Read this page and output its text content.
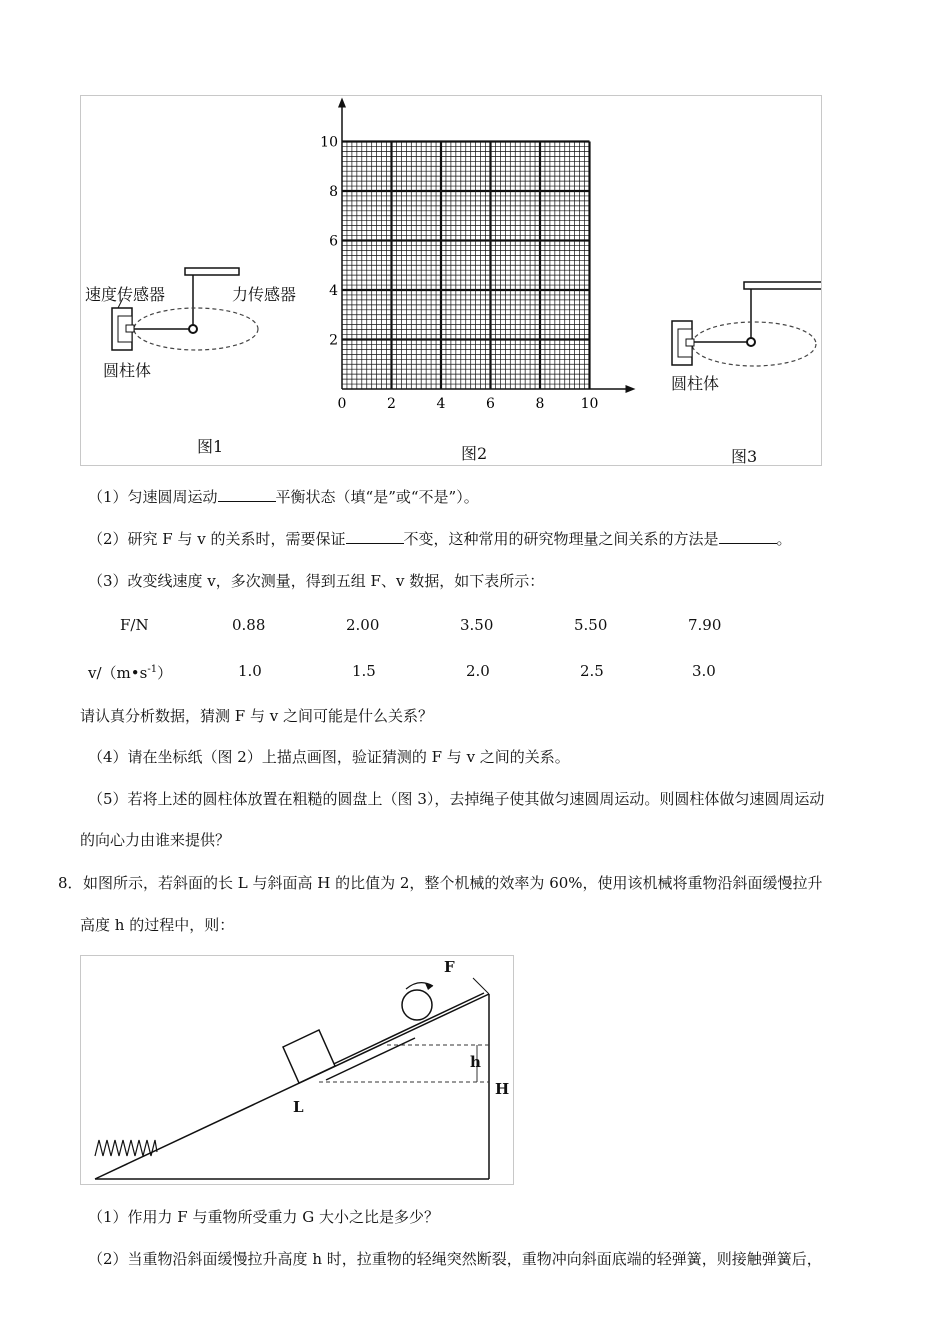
速度传感器	力传感器
圆柱体
图1
0	2	4	6	8	10
2
4
6
8
10
图2
圆柱体
图3
（1）匀速圆周运动	平衡状态（填“是”或“不是”）。
（2）研究 F 与 v 的关系时，需要保证	不变，这种常用的研究物理量之间关系的方法是	。
（3）改变线速度 v，多次测量，得到五组 F、v 数据，如下表所示：
F/N	0.88	2.00	3.50	5.50	7.90
$v/(m•s^{-1})$	1.0	1.5	2.0	2.5	3.0
请认真分析数据，猜测 F 与 v 之间可能是什么关系？
（4）请在坐标纸（图 2）上描点画图，验证猜测的 F 与 v 之间的关系。
（5）若将上述的圆柱体放置在粗糙的圆盘上（图 3），去掉绳子使其做匀速圆周运动。则圆柱体做匀速圆周运动
的向心力由谁来提供？
8． 如图所示，若斜面的长 L 与斜面高 H 的比值为 2，整个机械的效率为 60%，使用该机械将重物沿斜面缓慢拉升
高度 h 的过程中，则：
F
h
H
L
（1）作用力 F 与重物所受重力 G 大小之比是多少？
（2）当重物沿斜面缓慢拉升高度 h 时，拉重物的轻绳突然断裂，重物冲向斜面底端的轻弹簧，则接触弹簧后，
